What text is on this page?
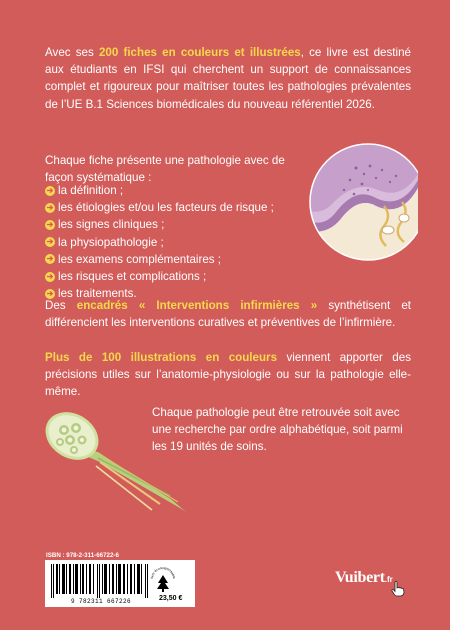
Avec ses 200 fiches en couleurs et illustrées, ce livre est destiné aux étudiants en IFSI qui cherchent un support de connaissances complet et rigoureux pour maîtriser toutes les pathologies prévalentes de l’UE B.1 Sciences biomédicales du nouveau référentiel 2026.

Chaque fiche présente une pathologie avec de façon systématique :

➔ la définition ;
➔ les étiologies et/ou les facteurs de risque ;
➔ les signes cliniques ;
➔ la physiopathologie ;
➔ les examens complémentaires ;
➔ les risques et complications ;
➔ les traitements.

Des encadrés « Interventions infirmières » synthétisent et différencient les interventions curatives et préventives de l’infirmière.

Plus de 100 illustrations en couleurs viennent apporter des précisions utiles sur l’anatomie-physiologie ou sur la pathologie elle-même.

Chaque pathologie peut être retrouvée soit avec une recherche par ordre alphabétique, soit parmi les 19 unités de soins.

ISBN : 978-2-311-66722-6
9 782311 667226
livre écoresponsable
23,50 €
Vuibert .fr
